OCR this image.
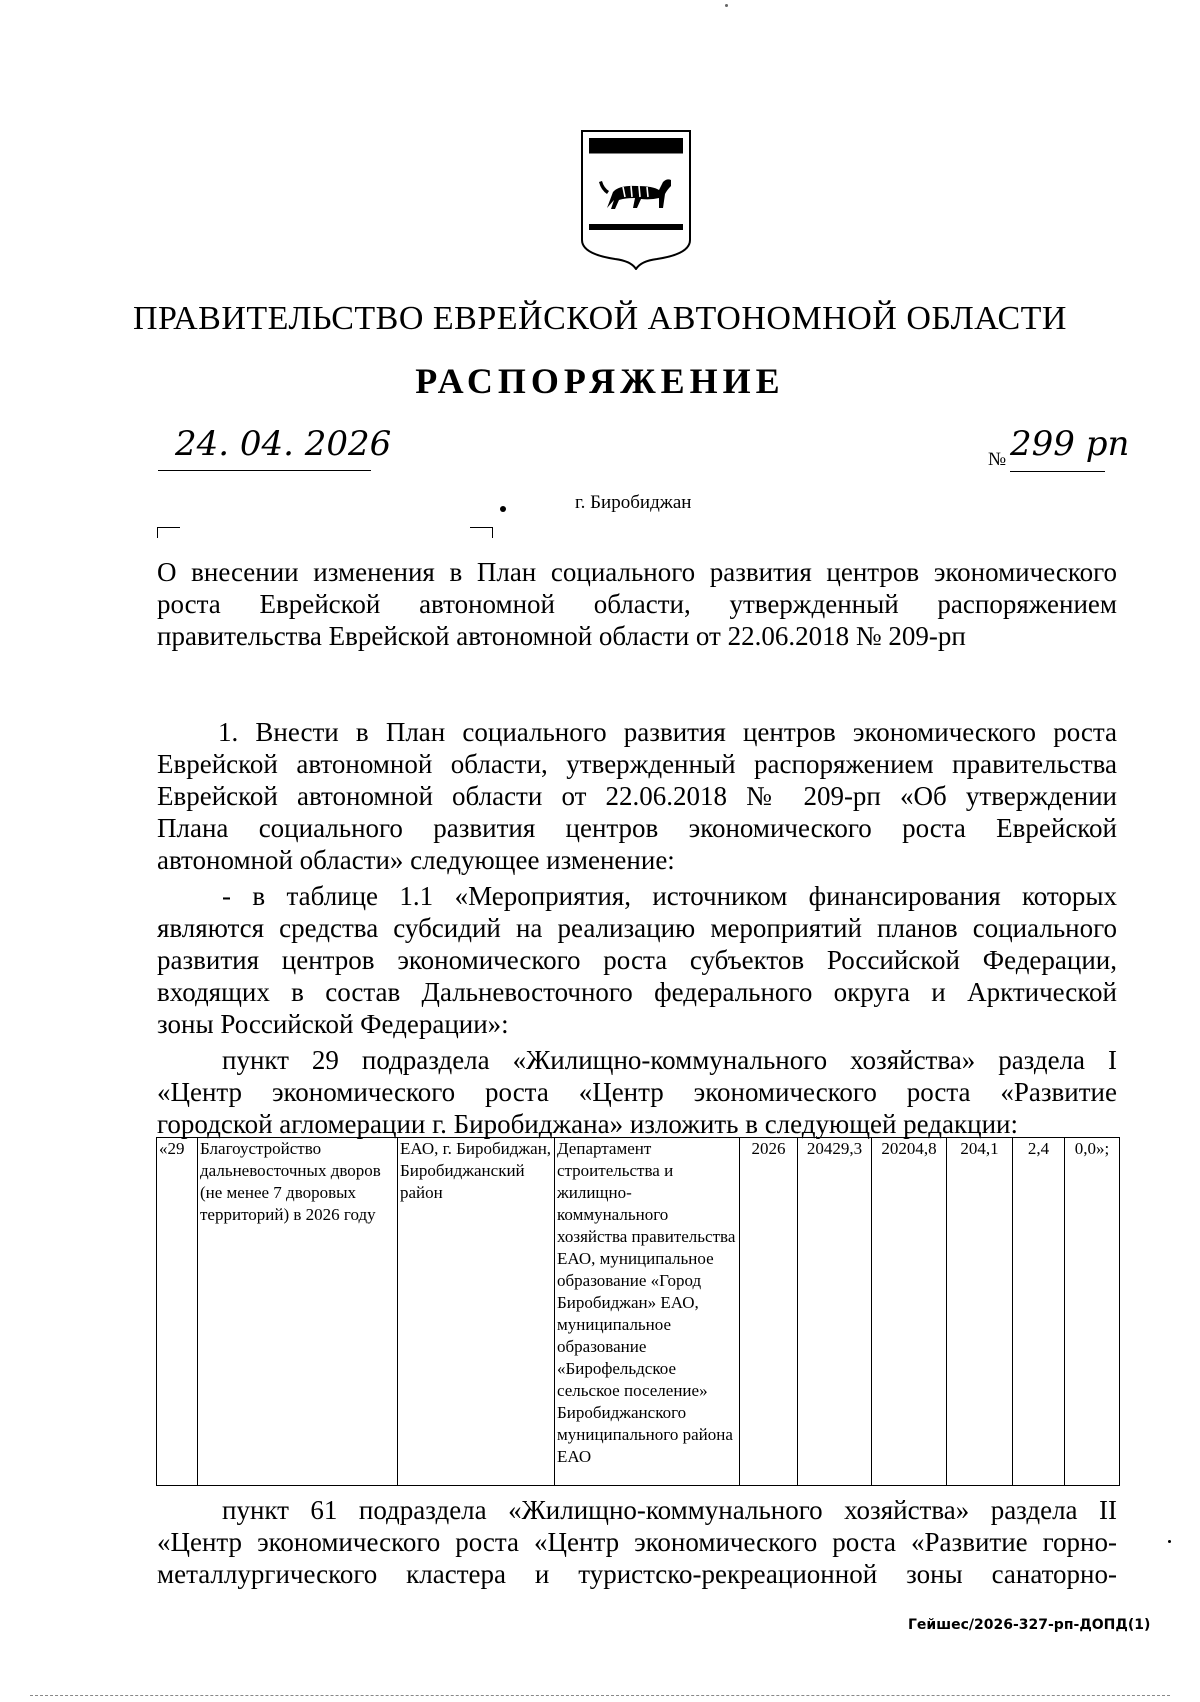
ПРАВИТЕЛЬСТВО ЕВРЕЙСКОЙ АВТОНОМНОЙ ОБЛАСТИ
РАСПОРЯЖЕНИЕ
24. 04. 2026	№ 299 рп
г. Биробиджан

О внесении изменения в План социального развития центров экономического

роста Еврейской автономной области, утвержденный распоряжением

правительства Еврейской автономной области от 22.06.2018 № 209-рп

1. Внести в План социального развития центров экономического роста

Еврейской автономной области, утвержденный распоряжением правительства

Еврейской автономной области от 22.06.2018 № 209-рп «Об утверждении

Плана социального развития центров экономического роста Еврейской

автономной области» следующее изменение:

- в таблице 1.1 «Мероприятия, источником финансирования которых

являются средства субсидий на реализацию мероприятий планов социального

развития центров экономического роста субъектов Российской Федерации,

входящих в состав Дальневосточного федерального округа и Арктической

зоны Российской Федерации»:

пункт 29 подраздела «Жилищно-коммунального хозяйства» раздела I

«Центр экономического роста «Центр экономического роста «Развитие

городской агломерации г. Биробиджана» изложить в следующей редакции:

«29	Благоустройство дальневосточных дворов (не менее 7 дворовых территорий) в 2026 году	ЕАО, г. Биробиджан, Биробиджанский район	Департамент строительства и жилищно-коммунального хозяйства правительства ЕАО, муниципальное образование «Город Биробиджан» ЕАО, муниципальное образование «Бирофельдское сельское поселение» Биробиджанского муниципального района ЕАО	2026	20429,3	20204,8	204,1	2,4	0,0»;

пункт 61 подраздела «Жилищно-коммунального хозяйства» раздела II

«Центр экономического роста «Центр экономического роста «Развитие горно-

металлургического кластера и туристско-рекреационной зоны санаторно-

Гейшес/2026-327-рп-ДОПД(1)
